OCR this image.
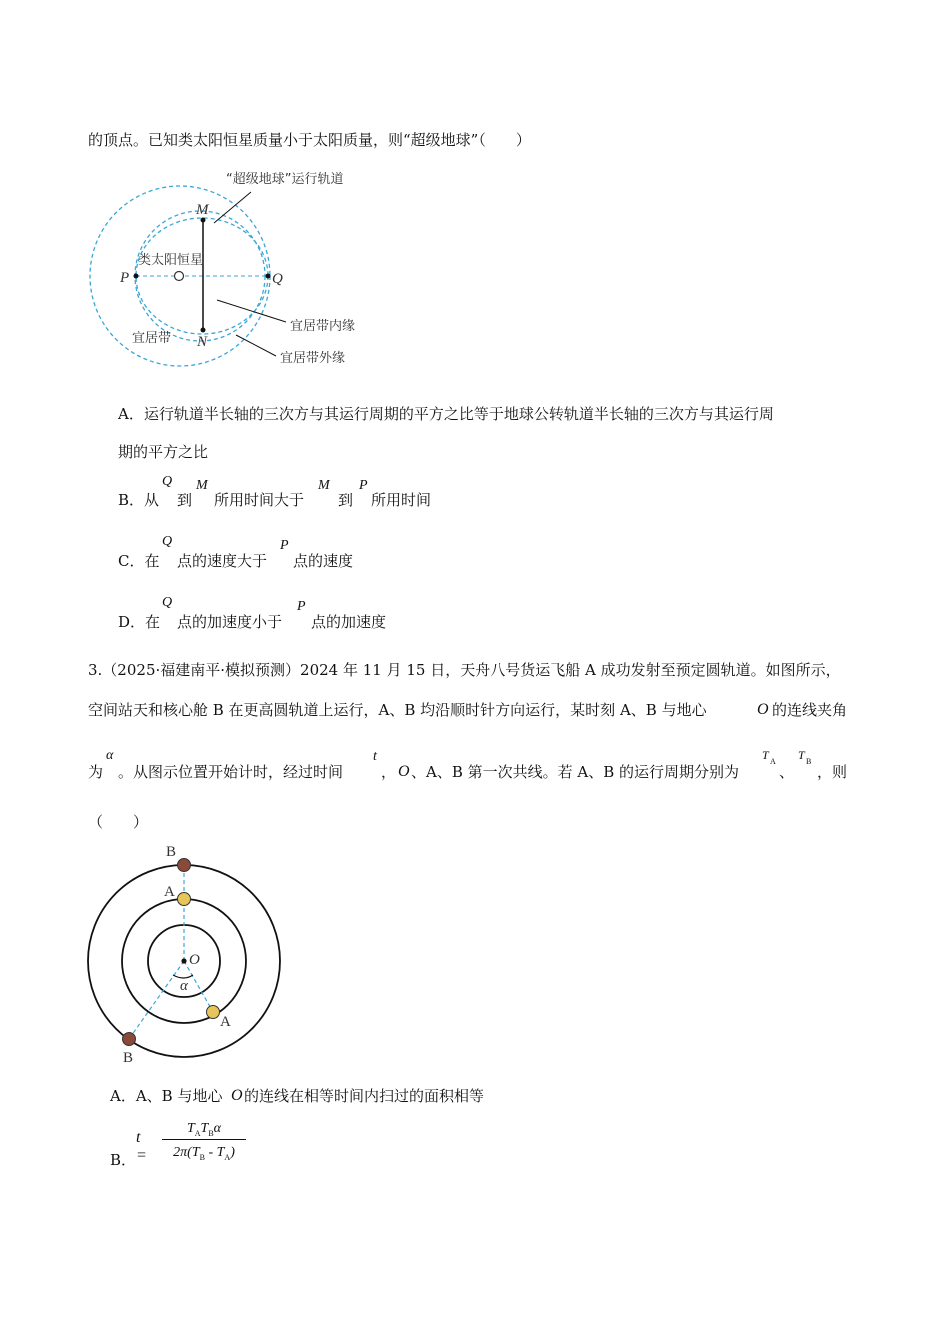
的顶点。已知类太阳恒星质量小于太阳质量，则“超级地球”（　　）
“超级地球”运行轨道
类太阳恒星
宜居带内缘
宜居带外缘
宜居带
M
N
P	Q
A．运行轨道半长轴的三次方与其运行周期的平方之比等于地球公转轨道半长轴的三次方与其运行周
期的平方之比
B．从
Q
到
M
所用时间大于
M
到
P
所用时间
C．在
Q
点的速度大于
P
点的速度
D．在
Q
点的加速度小于
P
点的加速度
3.（2025·福建南平·模拟预测）2024 年 11 月 15 日，天舟八号货运飞船 A 成功发射至预定圆轨道。如图所示，
空间站天和核心舱 B 在更高圆轨道上运行，A、B 均沿顺时针方向运行，某时刻 A、B 与地心	O 的连线夹角
为
α
。从图示位置开始计时，经过时间
t
， O 、A、B 第一次共线。若 A、B 的运行周期分别为
T A
、
T B
，则
（　　）
B
A
O
α
A
B
A．A、B 与地心 O 的连线在相等时间内扫过的面积相等
B．
t =
$T_AT_B\alpha$
$2\pi(T_B - T_A)$
